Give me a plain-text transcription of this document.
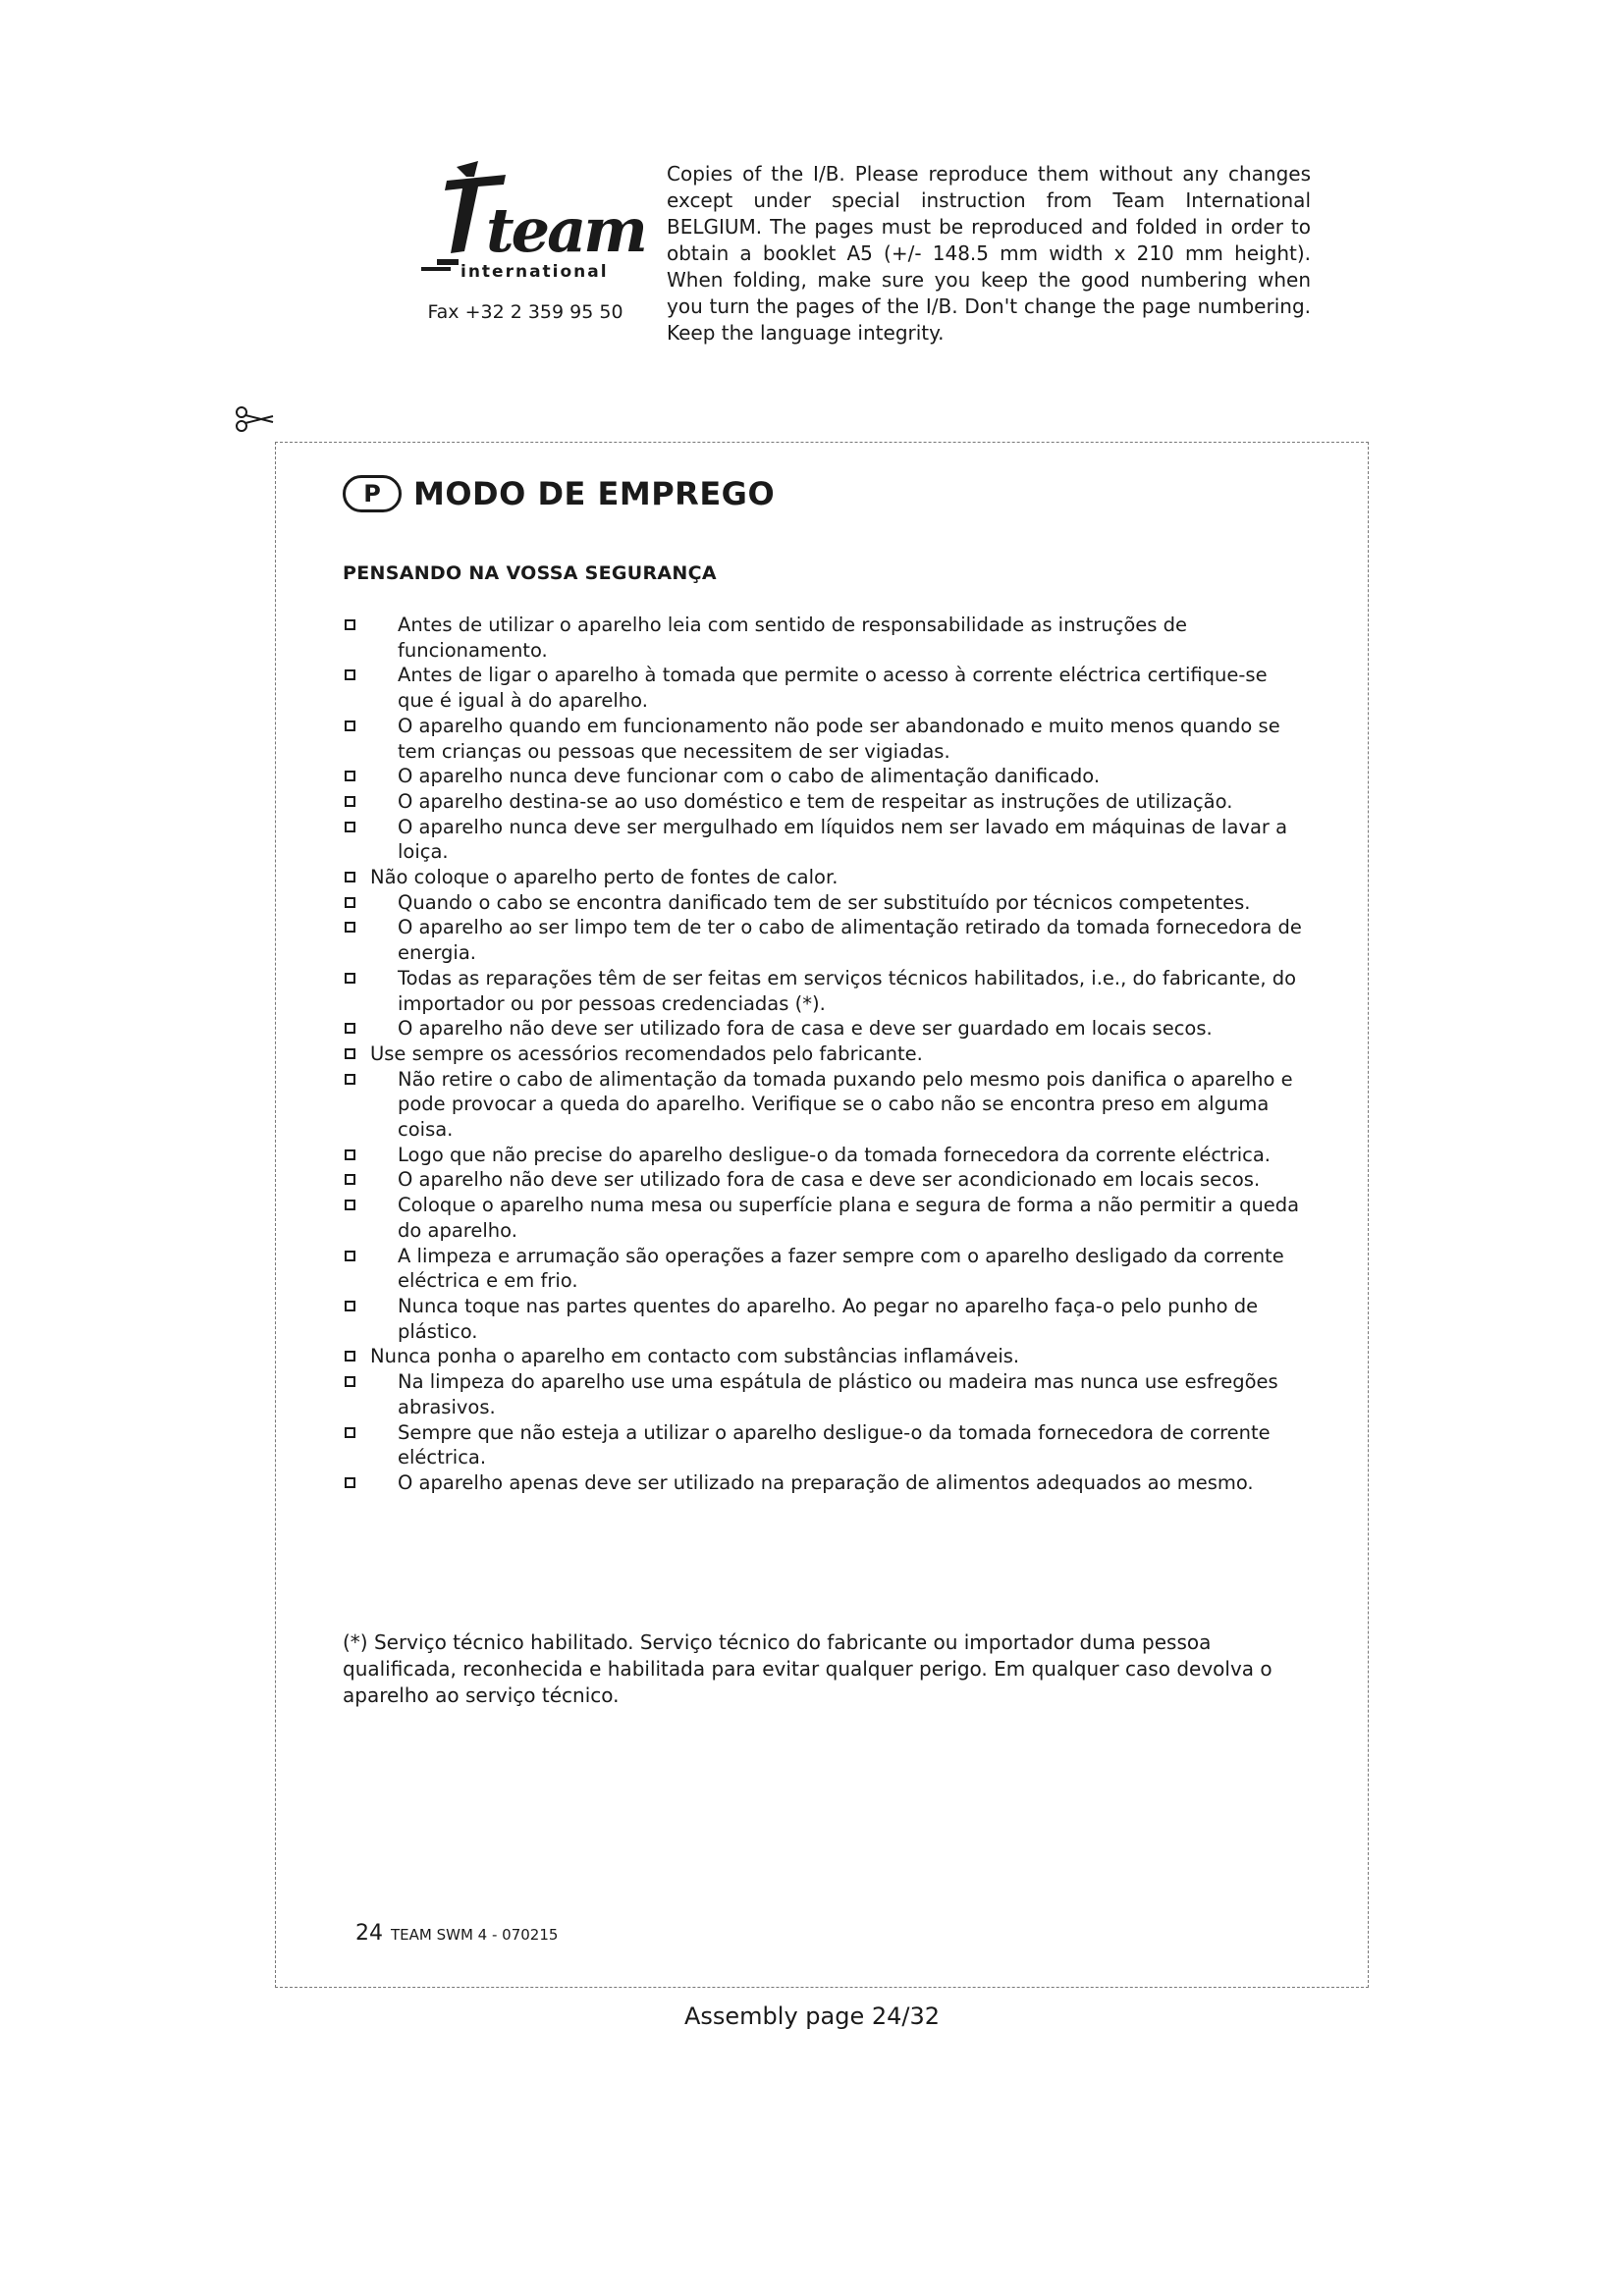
team
international
Fax +32 2 359 95 50
Copies of the I/B. Please reproduce them without any changes except under special instruction from Team International BELGIUM. The pages must be reproduced and folded in order to obtain a booklet A5 (+/- 148.5 mm width x 210 mm height). When folding, make sure you keep the good numbering when you turn the pages of the I/B. Don't change the page numbering. Keep the language integrity.
P	MODO DE EMPREGO
PENSANDO NA VOSSA SEGURANÇA
Antes de utilizar o aparelho leia com sentido de responsabilidade as instruções de funcionamento.
Antes de ligar o aparelho à tomada que permite o acesso à corrente eléctrica certifique-se que é igual à do aparelho.
O aparelho quando em funcionamento não pode ser abandonado e muito menos quando se tem crianças ou pessoas que necessitem de ser vigiadas.
O aparelho nunca deve funcionar com o cabo de alimentação danificado.
O aparelho destina-se ao uso doméstico e tem de respeitar as instruções de utilização.
O aparelho nunca deve ser mergulhado em líquidos nem ser lavado em máquinas de lavar a loiça.
Não coloque o aparelho perto de fontes de calor.
Quando o cabo se encontra danificado tem de ser substituído por técnicos competentes.
O aparelho ao ser limpo tem de ter o cabo de alimentação retirado da tomada fornecedora de energia.
Todas as reparações têm de ser feitas em serviços técnicos habilitados, i.e., do fabricante, do importador ou por pessoas credenciadas (*).
O aparelho não deve ser utilizado fora de casa e deve ser guardado em locais secos.
Use sempre os acessórios recomendados pelo fabricante.
Não retire o cabo de alimentação da tomada puxando pelo mesmo pois danifica o aparelho e pode provocar a queda do aparelho. Verifique se o cabo não se encontra preso em alguma coisa.
Logo que não precise do aparelho desligue-o da tomada fornecedora da corrente eléctrica.
O aparelho não deve ser utilizado fora de casa e deve ser acondicionado em locais secos.
Coloque o aparelho numa mesa ou superfície plana e segura de forma a não permitir a queda do aparelho.
A limpeza e arrumação são operações a fazer sempre com o aparelho desligado da corrente eléctrica e em frio.
Nunca toque nas partes quentes do aparelho. Ao pegar no aparelho faça-o pelo punho de plástico.
Nunca ponha o aparelho em contacto com substâncias inflamáveis.
Na limpeza do aparelho use uma espátula de plástico ou madeira mas nunca use esfregões abrasivos.
Sempre que não esteja a utilizar o aparelho desligue-o da tomada fornecedora de corrente eléctrica.
O aparelho apenas deve ser utilizado na preparação de alimentos adequados ao mesmo.
(*) Serviço técnico habilitado. Serviço técnico do fabricante ou importador duma pessoa qualificada, reconhecida e habilitada para evitar qualquer perigo. Em qualquer caso devolva o aparelho ao serviço técnico.
24 TEAM SWM 4 - 070215
Assembly page 24/32
